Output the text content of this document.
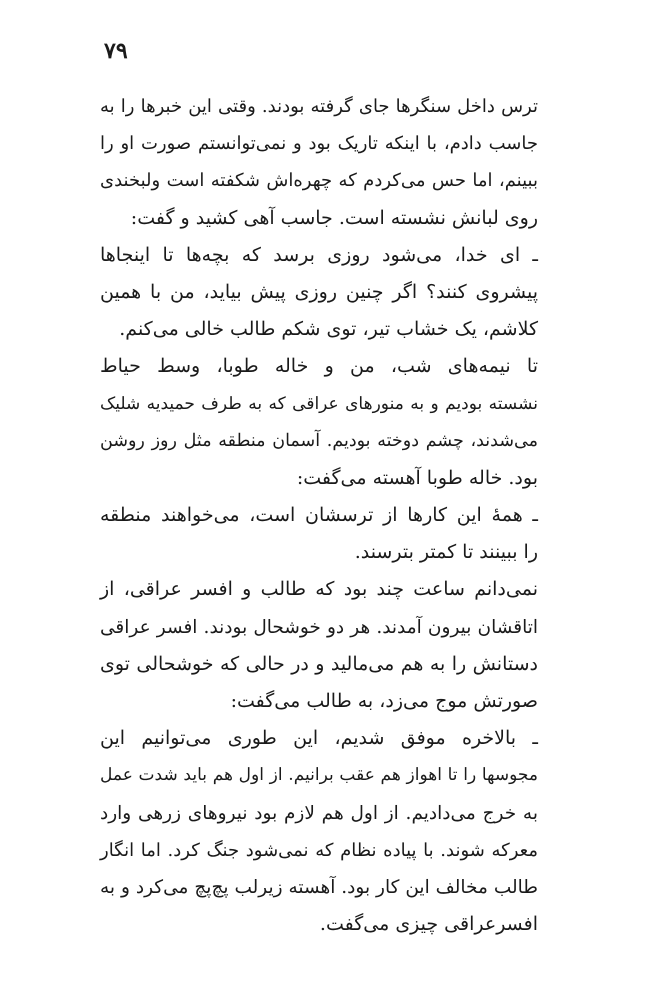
۷۹
ترس داخل سنگرها جای گرفته بودند. وقتی این خبرها را به
جاسب دادم، با اینکه تاریک بود و نمی‌توانستم صورت او را
ببینم، اما حس می‌کردم که چهره‌اش شکفته است ولبخندی
روی لبانش نشسته است. جاسب آهی کشید و گفت:
ـ ای خدا، می‌شود روزی برسد که بچه‌ها تا اینجاها
پیشروی کنند؟ اگر چنین روزی پیش بیاید، من با همین
کلاشم، یک خشاب تیر، توی شکم طالب خالی می‌کنم.
تا نیمه‌های شب، من و خاله طوبا، وسط حیاط
نشسته بودیم و به منورهای عراقی که به طرف حمیدیه شلیک
می‌شدند، چشم دوخته بودیم. آسمان منطقه مثل روز روشن
بود. خاله طوبا آهسته می‌گفت:
ـ همهٔ این کارها از ترسشان است، می‌خواهند منطقه
را ببینند تا کمتر بترسند.
نمی‌دانم ساعت چند بود که طالب و افسر عراقی، از
اتاقشان بیرون آمدند. هر دو خوشحال بودند. افسر عراقی
دستانش را به هم می‌مالید و در حالی که خوشحالی توی
صورتش موج می‌زد، به طالب می‌گفت:
ـ بالاخره موفق شدیم، این طوری می‌توانیم این
مجوسها را تا اهواز هم عقب برانیم. از اول هم باید شدت عمل
به خرج می‌دادیم. از اول هم لازم بود نیروهای زرهی وارد
معرکه شوند. با پیاده نظام که نمی‌شود جنگ کرد. اما انگار
طالب مخالف این کار بود. آهسته زیرلب پچ‌پچ می‌کرد و به
افسرعراقی چیزی می‌گفت.
